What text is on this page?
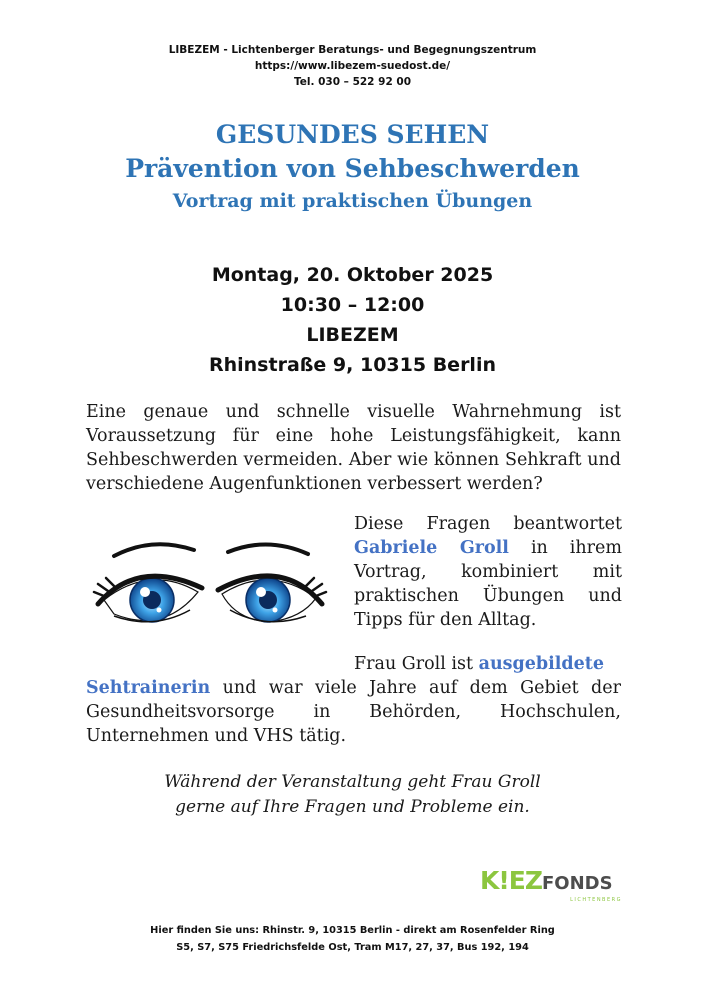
LIBEZEM - Lichtenberger Beratungs- und Begegnungszentrum
https://www.libezem-suedost.de/
Tel. 030 – 522 92 00
GESUNDES SEHEN
Prävention von Sehbeschwerden
Vortrag mit praktischen Übungen
Montag, 20. Oktober 2025
10:30 – 12:00
LIBEZEM
Rhinstraße 9, 10315 Berlin
Eine genaue und schnelle visuelle Wahrnehmung ist Voraussetzung für eine hohe Leistungsfähigkeit, kann Sehbeschwerden vermeiden. Aber wie können Sehkraft und verschiedene Augenfunktionen verbessert werden?
Diese Fragen beantwortet Gabriele Groll in ihrem Vortrag, kombiniert mit praktischen Übungen und Tipps für den Alltag.
Frau Groll ist ausgebildete
Sehtrainerin und war viele Jahre auf dem Gebiet der Gesundheitsvorsorge in Behörden, Hochschulen, Unternehmen und VHS tätig.
Während der Veranstaltung geht Frau Groll
gerne auf Ihre Fragen und Probleme ein.
K!EZFONDS
LICHTENBERG
Hier finden Sie uns: Rhinstr. 9, 10315 Berlin - direkt am Rosenfelder Ring
S5, S7, S75 Friedrichsfelde Ost, Tram M17, 27, 37, Bus 192, 194
